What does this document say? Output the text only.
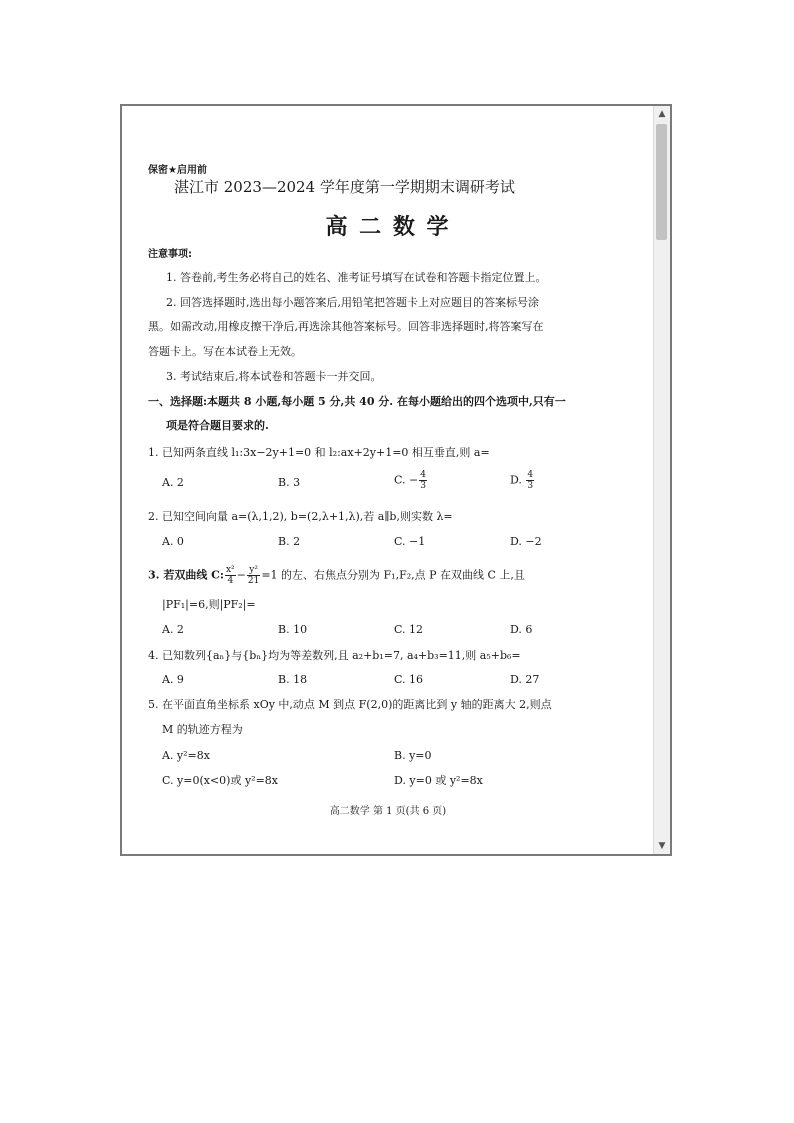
保密★启用前
湛江市 2023—2024 学年度第一学期期末调研考试
高 二 数 学
注意事项:
1. 答卷前,考生务必将自己的姓名、准考证号填写在试卷和答题卡指定位置上。
2. 回答选择题时,选出每小题答案后,用铅笔把答题卡上对应题目的答案标号涂
黑。如需改动,用橡皮擦干净后,再选涂其他答案标号。回答非选择题时,将答案写在
答题卡上。写在本试卷上无效。
3. 考试结束后,将本试卷和答题卡一并交回。
一、选择题:本题共 8 小题,每小题 5 分,共 40 分. 在每小题给出的四个选项中,只有一
项是符合题目要求的.
1. 已知两条直线 l₁:3x−2y+1=0 和 l₂:ax+2y+1=0 相互垂直,则 a=
A. 2	B. 3	C. − $\frac{4}{3}$	D. $\frac{4}{3}$
2. 已知空间向量 a=(λ,1,2), b=(2,λ+1,λ),若 a∥b,则实数 λ=
A. 0	B. 2	C. −1	D. −2
3. 若双曲线 C: $\frac{\text{x²}}{4} - \frac{\text{y²}}{21} =1$ 的左、右焦点分别为 F₁,F₂,点 P 在双曲线 C 上,且
|PF₁|=6,则|PF₂|=
A. 2	B. 10	C. 12	D. 6
4. 已知数列{aₙ}与{bₙ}均为等差数列,且 a₂+b₁=7, a₄+b₃=11,则 a₅+b₆=
A. 9	B. 18	C. 16	D. 27
5. 在平面直角坐标系 xOy 中,动点 M 到点 F(2,0)的距离比到 y 轴的距离大 2,则点
M 的轨迹方程为
A. y²=8x	B. y=0
C. y=0(x<0)或 y²=8x	D. y=0 或 y²=8x
高二数学 第 1 页(共 6 页)
▲
▼
